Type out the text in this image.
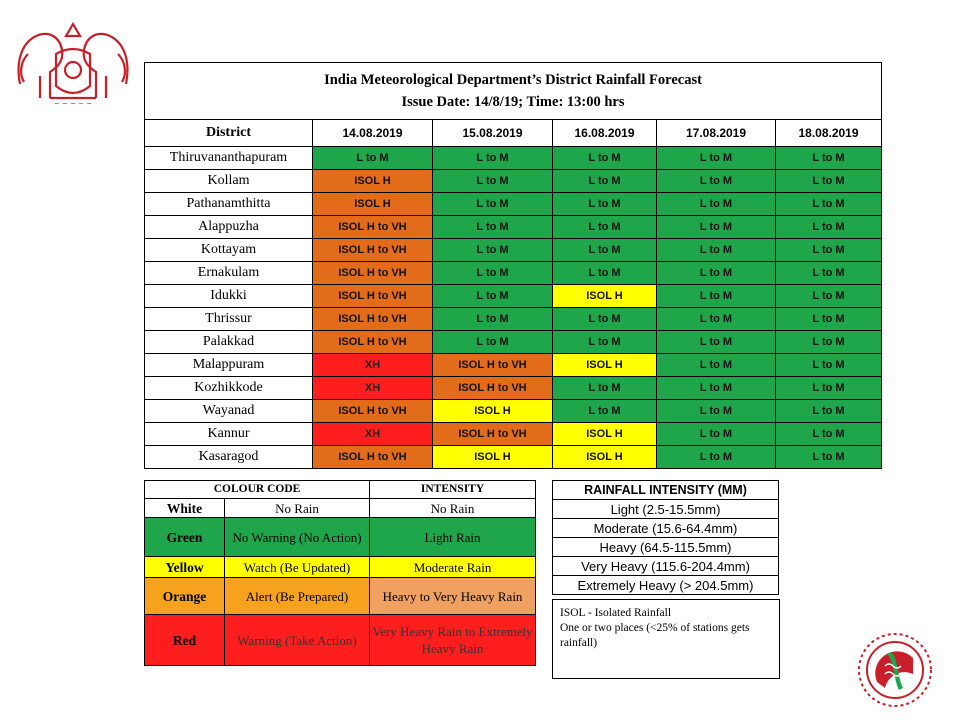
~ ~ ~ ~ ~
India Meteorological Department’s District Rainfall Forecast
Issue Date: 14/8/19; Time: 13:00 hrs					

District	14.08.2019	15.08.2019	16.08.2019	17.08.2019	18.08.2019
Thiruvananthapuram	L to M	L to M	L to M	L to M	L to M
Kollam	ISOL H	L to M	L to M	L to M	L to M
Pathanamthitta	ISOL H	L to M	L to M	L to M	L to M
Alappuzha	ISOL H to VH	L to M	L to M	L to M	L to M
Kottayam	ISOL H to VH	L to M	L to M	L to M	L to M
Ernakulam	ISOL H to VH	L to M	L to M	L to M	L to M
Idukki	ISOL H to VH	L to M	ISOL H	L to M	L to M
Thrissur	ISOL H to VH	L to M	L to M	L to M	L to M
Palakkad	ISOL H to VH	L to M	L to M	L to M	L to M
Malappuram	XH	ISOL H to VH	ISOL H	L to M	L to M
Kozhikkode	XH	ISOL H to VH	L to M	L to M	L to M
Wayanad	ISOL H to VH	ISOL H	L to M	L to M	L to M
Kannur	XH	ISOL H to VH	ISOL H	L to M	L to M
Kasaragod	ISOL H to VH	ISOL H	ISOL H	L to M	L to M
COLOUR CODE		INTENSITY
White	No Rain	No Rain
Green	No Warning (No Action)	Light Rain
Yellow	Watch (Be Updated)	Moderate Rain
Orange	Alert (Be Prepared)	Heavy to Very Heavy Rain
Red	Warning (Take Action)	Very Heavy Rain to Extremely Heavy Rain
RAINFALL INTENSITY (MM)
Light (2.5-15.5mm)
Moderate (15.6-64.4mm)
Heavy (64.5-115.5mm)
Very Heavy (115.6-204.4mm)
Extremely Heavy (> 204.5mm)
ISOL - Isolated Rainfall
One or two places (<25% of stations gets rainfall)
